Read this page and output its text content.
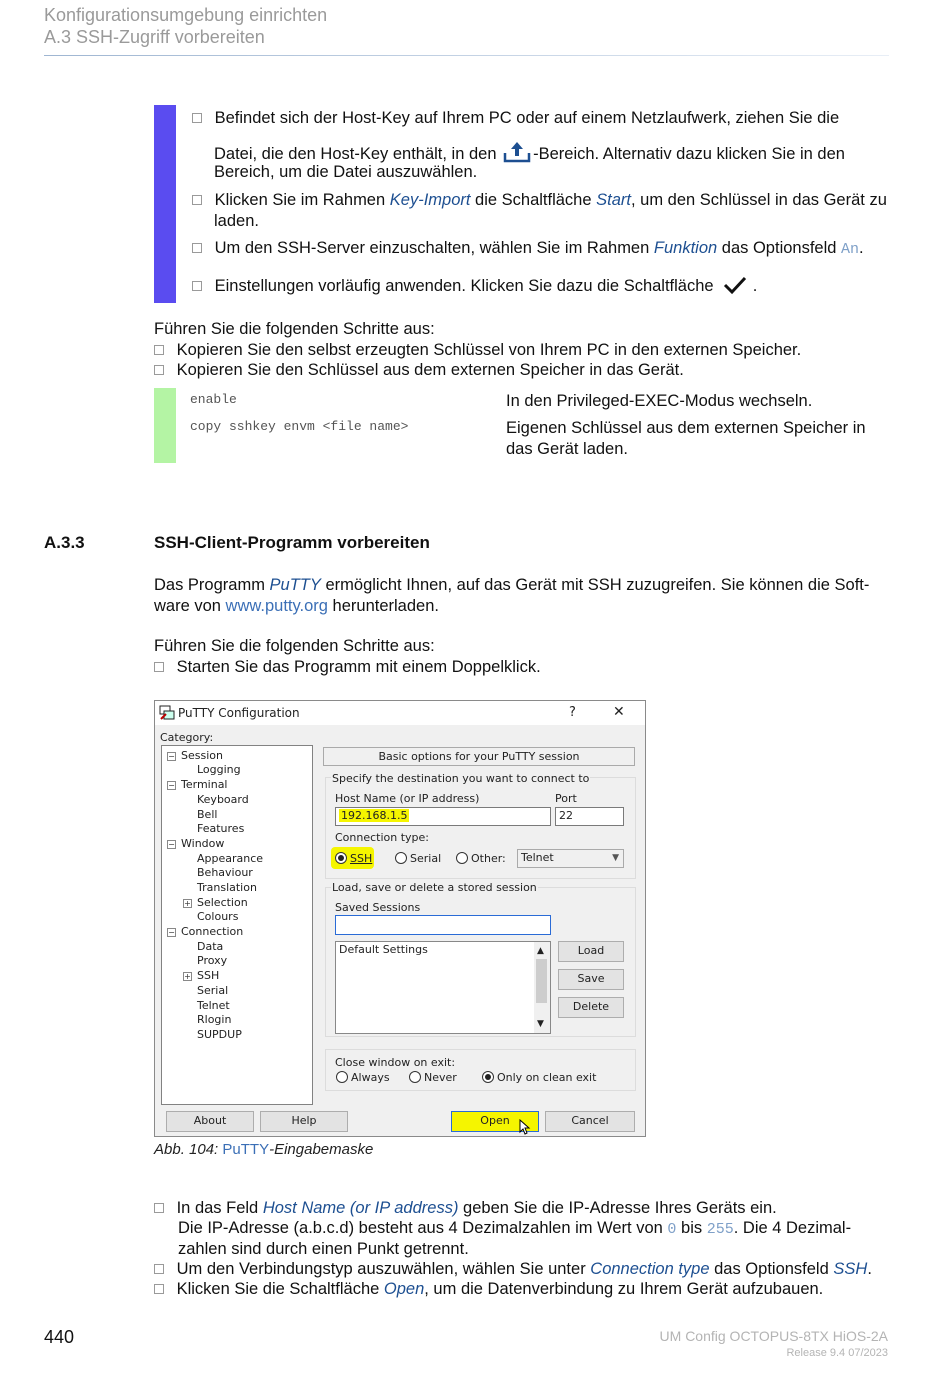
Konfigurationsumgebung einrichten
A.3 SSH-Zugriff vorbereiten
Befindet sich der Host-Key auf Ihrem PC oder auf einem Netzlaufwerk, ziehen Sie die
Datei, die den Host-Key enthält, in den -Bereich. Alternativ dazu klicken Sie in den
Bereich, um die Datei auszuwählen.
Klicken Sie im Rahmen Key-Import die Schaltfläche Start, um den Schlüssel in das Gerät zu
laden.
Um den SSH-Server einzuschalten, wählen Sie im Rahmen Funktion das Optionsfeld An.
Einstellungen vorläufig anwenden. Klicken Sie dazu die Schaltfläche .
Führen Sie die folgenden Schritte aus:
Kopieren Sie den selbst erzeugten Schlüssel von Ihrem PC in den externen Speicher.
Kopieren Sie den Schlüssel aus dem externen Speicher in das Gerät.
enable	In den Privileged-EXEC-Modus wechseln.
copy sshkey envm <file name>	Eigenen Schlüssel aus dem externen Speicher in
das Gerät laden.
A.3.3	SSH-Client-Programm vorbereiten
Das Programm PuTTY ermöglicht Ihnen, auf das Gerät mit SSH zuzugreifen. Sie können die Soft-
ware von www.putty.org herunterladen.
Führen Sie die folgenden Schritte aus:
Starten Sie das Programm mit einem Doppelklick.
PuTTY Configuration	?	✕
Category:
− Session
Logging
− Terminal
Keyboard
Bell
Features
− Window
Appearance
Behaviour
Translation
+ Selection
Colours
− Connection
Data
Proxy
+ SSH
Serial
Telnet
Rlogin
SUPDUP
Basic options for your PuTTY session
Specify the destination you want to connect to
Host Name (or IP address)	Port
192.168.1.5	22
Connection type:
SSH	Serial	Other:	Telnet	▼
Load, save or delete a stored session
Saved Sessions
Default Settings	▲
▼
Load
Save
Delete
Close window on exit:
Always	Never	Only on clean exit
About	Help	Open	Cancel
Abb. 104: PuTTY-Eingabemaske
In das Feld Host Name (or IP address) geben Sie die IP-Adresse Ihres Geräts ein.
Die IP-Adresse (a.b.c.d) besteht aus 4 Dezimalzahlen im Wert von 0 bis 255. Die 4 Dezimal-
zahlen sind durch einen Punkt getrennt.
Um den Verbindungstyp auszuwählen, wählen Sie unter Connection type das Optionsfeld SSH.
Klicken Sie die Schaltfläche Open, um die Datenverbindung zu Ihrem Gerät aufzubauen.
440	UM Config OCTOPUS-8TX HiOS-2A
Release 9.4 07/2023
